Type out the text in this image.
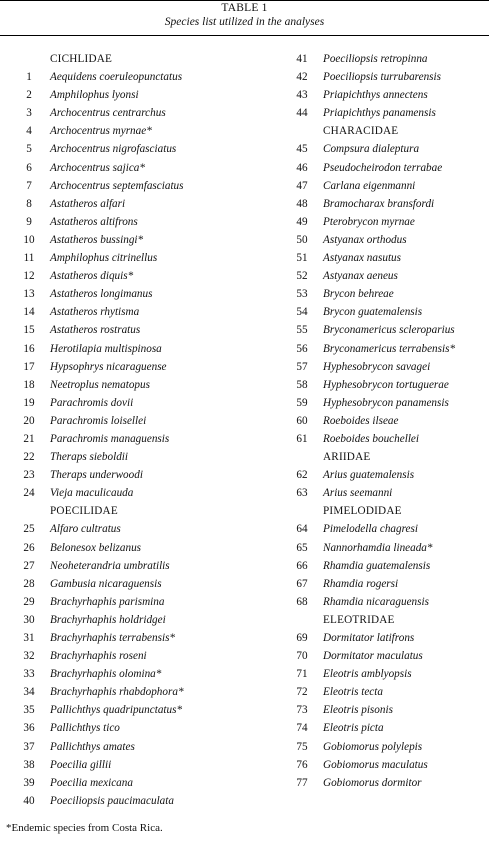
TABLE 1
Species list utilized in the analyses
CICHLIDAE
1	Aequidens coeruleopunctatus
2	Amphilophus lyonsi
3	Archocentrus centrarchus
4	Archocentrus myrnae*
5	Archocentrus nigrofasciatus
6	Archocentrus sajica*
7	Archocentrus septemfasciatus
8	Astatheros alfari
9	Astatheros altifrons
10	Astatheros bussingi*
11	Amphilophus citrinellus
12	Astatheros diquis*
13	Astatheros longimanus
14	Astatheros rhytisma
15	Astatheros rostratus
16	Herotilapia multispinosa
17	Hypsophrys nicaraguense
18	Neetroplus nematopus
19	Parachromis dovii
20	Parachromis loisellei
21	Parachromis managuensis
22	Theraps sieboldii
23	Theraps underwoodi
24	Vieja maculicauda
POECILIDAE
25	Alfaro cultratus
26	Belonesox belizanus
27	Neoheterandria umbratilis
28	Gambusia nicaraguensis
29	Brachyrhaphis parismina
30	Brachyrhaphis holdridgei
31	Brachyrhaphis terrabensis*
32	Brachyrhaphis roseni
33	Brachyrhaphis olomina*
34	Brachyrhaphis rhabdophora*
35	Pallichthys quadripunctatus*
36	Pallichthys tico
37	Pallichthys amates
38	Poecilia gillii
39	Poecilia mexicana
40	Poeciliopsis paucimaculata
41	Poeciliopsis retropinna
42	Poeciliopsis turrubarensis
43	Priapichthys annectens
44	Priapichthys panamensis
CHARACIDAE
45	Compsura dialeptura
46	Pseudocheirodon terrabae
47	Carlana eigenmanni
48	Bramocharax bransfordi
49	Pterobrycon myrnae
50	Astyanax orthodus
51	Astyanax nasutus
52	Astyanax aeneus
53	Brycon behreae
54	Brycon guatemalensis
55	Bryconamericus scleroparius
56	Bryconamericus terrabensis*
57	Hyphesobrycon savagei
58	Hyphesobrycon tortuguerae
59	Hyphesobrycon panamensis
60	Roeboides ilseae
61	Roeboides bouchellei
ARIIDAE
62	Arius guatemalensis
63	Arius seemanni
PIMELODIDAE
64	Pimelodella chagresi
65	Nannorhamdia lineada*
66	Rhamdia guatemalensis
67	Rhamdia rogersi
68	Rhamdia nicaraguensis
ELEOTRIDAE
69	Dormitator latifrons
70	Dormitator maculatus
71	Eleotris amblyopsis
72	Eleotris tecta
73	Eleotris pisonis
74	Eleotris picta
75	Gobiomorus polylepis
76	Gobiomorus maculatus
77	Gobiomorus dormitor
*Endemic species from Costa Rica.
